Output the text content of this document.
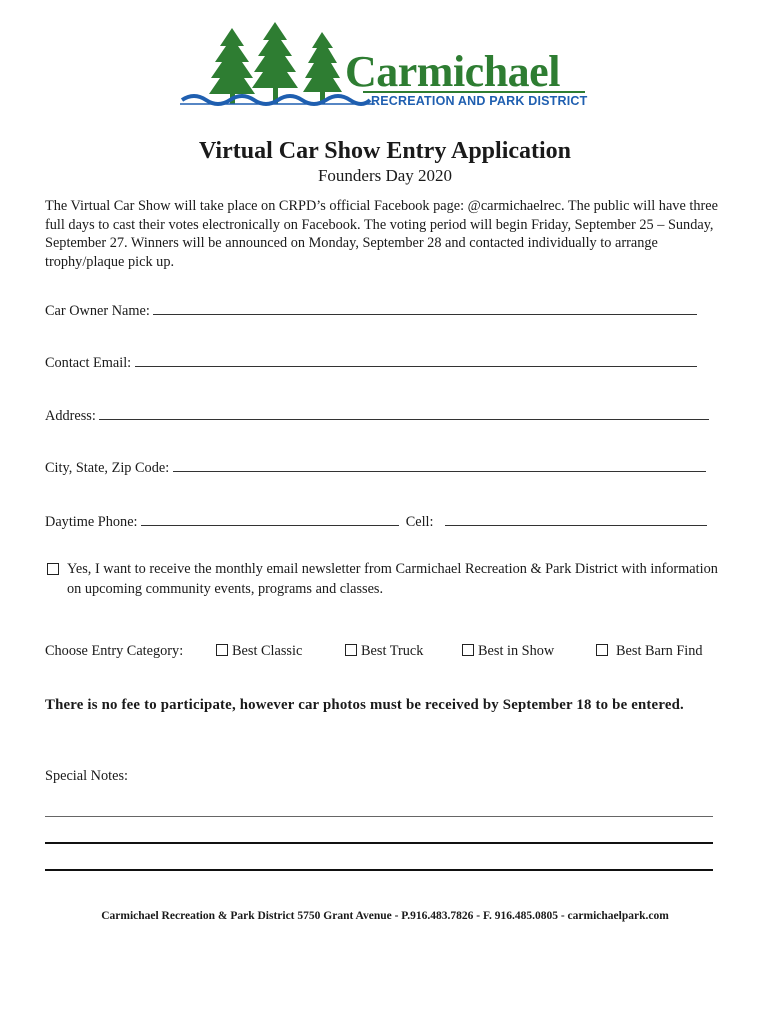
Carmichael
RECREATION AND PARK DISTRICT
Virtual Car Show Entry Application
Founders Day 2020
The Virtual Car Show will take place on CRPD’s official Facebook page: @carmichaelrec. The public will have three full days to cast their votes electronically on Facebook. The voting period will begin Friday, September 25 – Sunday, September 27. Winners will be announced on Monday, September 28 and contacted individually to arrange trophy/plaque pick up.
Car Owner Name:
Contact Email:
Address:
City, State, Zip Code:
Daytime Phone:	Cell:
Yes, I want to receive the monthly email newsletter from Carmichael Recreation & Park District with information on upcoming community events, programs and classes.
Choose Entry Category:	Best Classic	Best Truck	Best in Show	Best Barn Find
There is no fee to participate, however car photos must be received by September 18 to be entered.
Special Notes:
Carmichael Recreation & Park District 5750 Grant Avenue - P.916.483.7826 - F. 916.485.0805 - carmichaelpark.com
